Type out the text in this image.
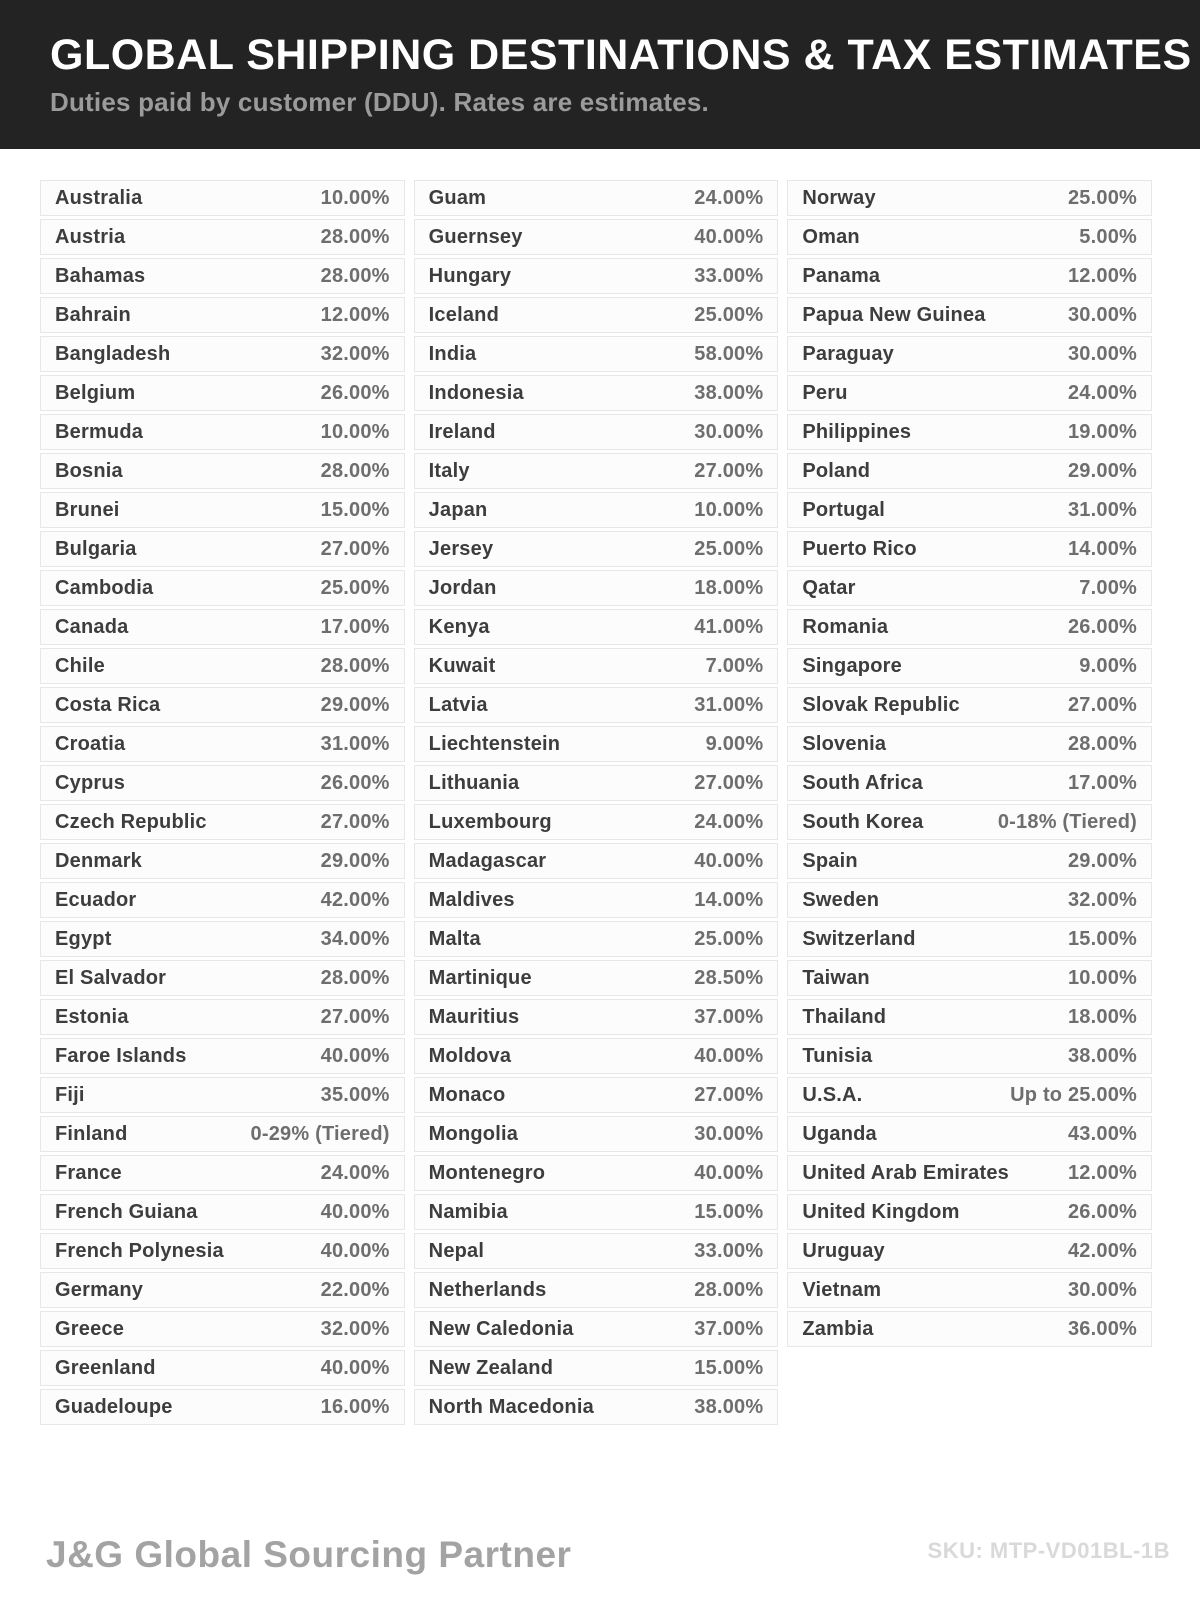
GLOBAL SHIPPING DESTINATIONS & TAX ESTIMATES
Duties paid by customer (DDU). Rates are estimates.
Australia	10.00%
Austria	28.00%
Bahamas	28.00%
Bahrain	12.00%
Bangladesh	32.00%
Belgium	26.00%
Bermuda	10.00%
Bosnia	28.00%
Brunei	15.00%
Bulgaria	27.00%
Cambodia	25.00%
Canada	17.00%
Chile	28.00%
Costa Rica	29.00%
Croatia	31.00%
Cyprus	26.00%
Czech Republic	27.00%
Denmark	29.00%
Ecuador	42.00%
Egypt	34.00%
El Salvador	28.00%
Estonia	27.00%
Faroe Islands	40.00%
Fiji	35.00%
Finland	0-29% (Tiered)
France	24.00%
French Guiana	40.00%
French Polynesia	40.00%
Germany	22.00%
Greece	32.00%
Greenland	40.00%
Guadeloupe	16.00%
Guam	24.00%
Guernsey	40.00%
Hungary	33.00%
Iceland	25.00%
India	58.00%
Indonesia	38.00%
Ireland	30.00%
Italy	27.00%
Japan	10.00%
Jersey	25.00%
Jordan	18.00%
Kenya	41.00%
Kuwait	7.00%
Latvia	31.00%
Liechtenstein	9.00%
Lithuania	27.00%
Luxembourg	24.00%
Madagascar	40.00%
Maldives	14.00%
Malta	25.00%
Martinique	28.50%
Mauritius	37.00%
Moldova	40.00%
Monaco	27.00%
Mongolia	30.00%
Montenegro	40.00%
Namibia	15.00%
Nepal	33.00%
Netherlands	28.00%
New Caledonia	37.00%
New Zealand	15.00%
North Macedonia	38.00%
Norway	25.00%
Oman	5.00%
Panama	12.00%
Papua New Guinea	30.00%
Paraguay	30.00%
Peru	24.00%
Philippines	19.00%
Poland	29.00%
Portugal	31.00%
Puerto Rico	14.00%
Qatar	7.00%
Romania	26.00%
Singapore	9.00%
Slovak Republic	27.00%
Slovenia	28.00%
South Africa	17.00%
South Korea	0-18% (Tiered)
Spain	29.00%
Sweden	32.00%
Switzerland	15.00%
Taiwan	10.00%
Thailand	18.00%
Tunisia	38.00%
U.S.A.	Up to 25.00%
Uganda	43.00%
United Arab Emirates	12.00%
United Kingdom	26.00%
Uruguay	42.00%
Vietnam	30.00%
Zambia	36.00%
J&G Global Sourcing Partner	SKU: MTP-VD01BL-1B
